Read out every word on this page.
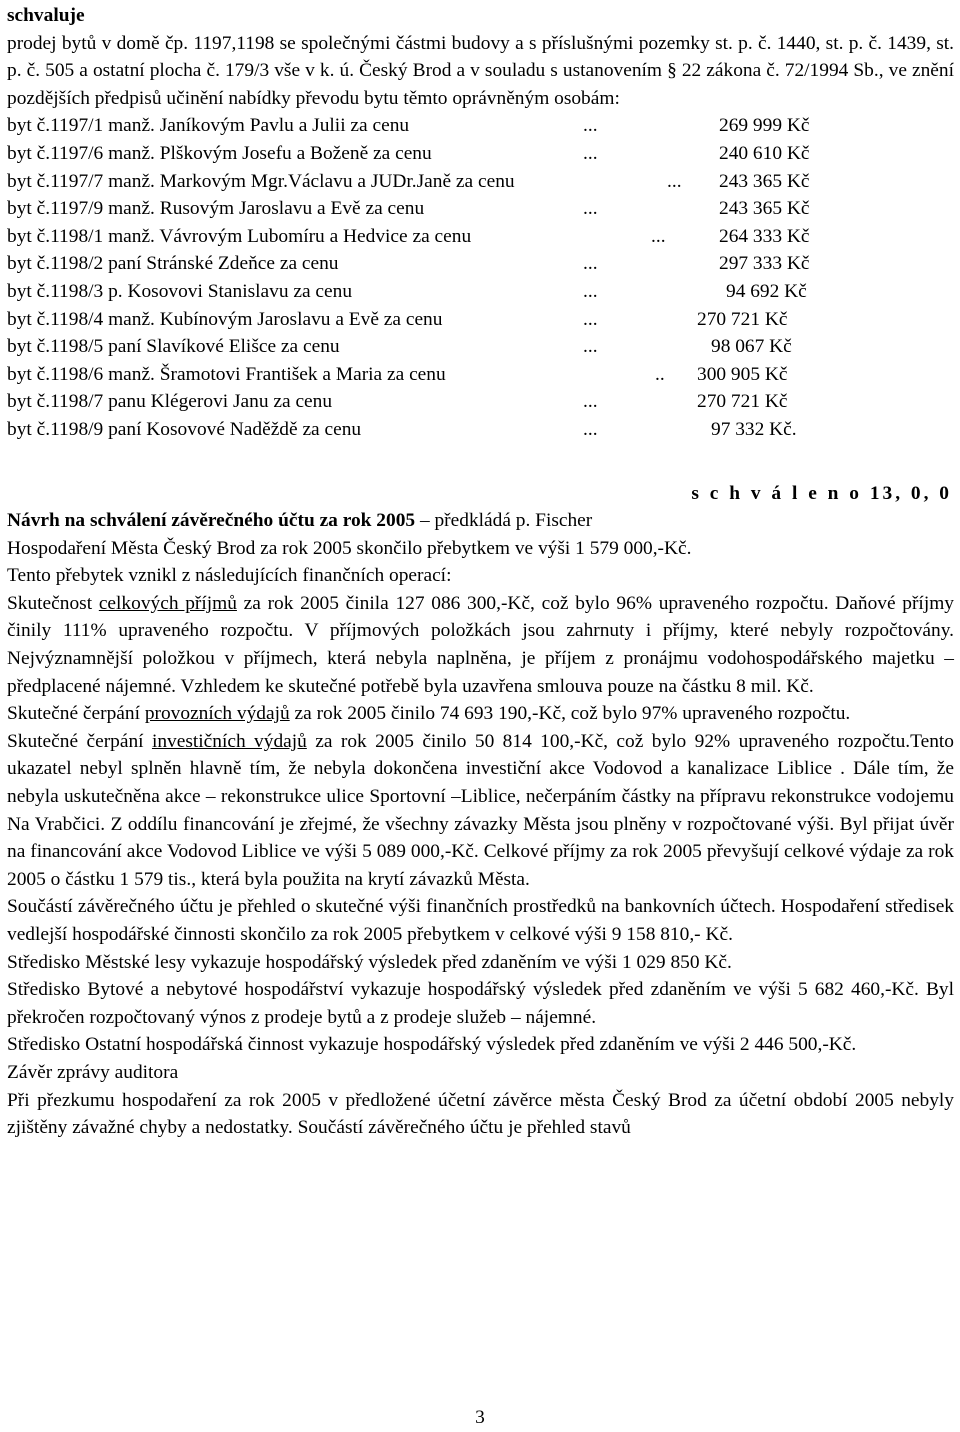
schvaluje

prodej bytů v domě čp. 1197,1198 se společnými částmi budovy a s příslušnými pozemky st. p. č. 1440, st. p. č. 1439, st. p. č. 505 a ostatní plocha č. 179/3 vše v k. ú. Český Brod a v souladu s ustanovením § 22 zákona č. 72/1994 Sb., ve znění pozdějších předpisů učinění nabídky převodu bytu těmto oprávněným osobám:

byt č.1197/1 manž. Janíkovým Pavlu a Julii za cenu	...	269 999 Kč
byt č.1197/6 manž. Plškovým Josefu a Boženě za cenu	...	240 610 Kč
byt č.1197/7 manž. Markovým Mgr.Václavu a JUDr.Janě za cenu	... 243 365 Kč
byt č.1197/9 manž. Rusovým Jaroslavu a Evě za cenu	...	243 365 Kč
byt č.1198/1 manž. Vávrovým Lubomíru a Hedvice za cenu	...	264 333 Kč
byt č.1198/2 paní Stránské Zdeňce za cenu	...	297 333 Kč
byt č.1198/3 p. Kosovovi Stanislavu za cenu	...	94 692 Kč
byt č.1198/4 manž. Kubínovým Jaroslavu a Evě za cenu	...	270 721 Kč
byt č.1198/5 paní Slavíkové Elišce za cenu	...	98 067 Kč
byt č.1198/6 manž. Šramotovi František a Maria za cenu	.. 300 905 Kč
byt č.1198/7 panu Klégerovi Janu za cenu	...	270 721 Kč
byt č.1198/9 paní Kosovové Naděždě za cenu	...	97 332 Kč.
s c h v á l e n o 13, 0, 0

Návrh na schválení závěrečného účtu za rok 2005 – předkládá p. Fischer

Hospodaření Města Český Brod za rok 2005 skončilo přebytkem ve výši 1 579 000,-Kč.

Tento přebytek vznikl z následujících finančních operací:

Skutečnost celkových příjmů za rok 2005 činila 127 086 300,-Kč, což bylo 96% upraveného rozpočtu. Daňové příjmy činily 111% upraveného rozpočtu. V příjmových položkách jsou zahrnuty i příjmy, které nebyly rozpočtovány. Nejvýznamnější položkou v příjmech, která nebyla naplněna, je příjem z pronájmu vodohospodářského majetku – předplacené nájemné. Vzhledem ke skutečné potřebě byla uzavřena smlouva pouze na částku 8 mil. Kč.

Skutečné čerpání provozních výdajů za rok 2005 činilo 74 693 190,-Kč, což bylo 97% upraveného rozpočtu.

Skutečné čerpání investičních výdajů za rok 2005 činilo 50 814 100,-Kč, což bylo 92% upraveného rozpočtu.Tento ukazatel nebyl splněn hlavně tím, že nebyla dokončena investiční akce Vodovod a kanalizace Liblice . Dále tím, že nebyla uskutečněna akce – rekonstrukce ulice Sportovní –Liblice, nečerpáním částky na přípravu rekonstrukce vodojemu Na Vrabčici. Z oddílu financování je zřejmé, že všechny závazky Města jsou plněny v rozpočtované výši. Byl přijat úvěr na financování akce Vodovod Liblice ve výši 5 089 000,-Kč. Celkové příjmy za rok 2005 převyšují celkové výdaje za rok 2005 o částku 1 579 tis., která byla použita na krytí závazků Města.

Součástí závěrečného účtu je přehled o skutečné výši finančních prostředků na bankovních účtech. Hospodaření středisek vedlejší hospodářské činnosti skončilo za rok 2005 přebytkem v celkové výši 9 158 810,- Kč.

Středisko Městské lesy vykazuje hospodářský výsledek před zdaněním ve výši 1 029 850 Kč.

Středisko Bytové a nebytové hospodářství vykazuje hospodářský výsledek před zdaněním ve výši 5 682 460,-Kč. Byl překročen rozpočtovaný výnos z prodeje bytů a z prodeje služeb – nájemné.

Středisko Ostatní hospodářská činnost vykazuje hospodářský výsledek před zdaněním ve výši 2 446 500,-Kč.

Závěr zprávy auditora

Při přezkumu hospodaření za rok 2005 v předložené účetní závěrce města Český Brod za účetní období 2005 nebyly zjištěny závažné chyby a nedostatky. Součástí závěrečného účtu je přehled stavů

3
